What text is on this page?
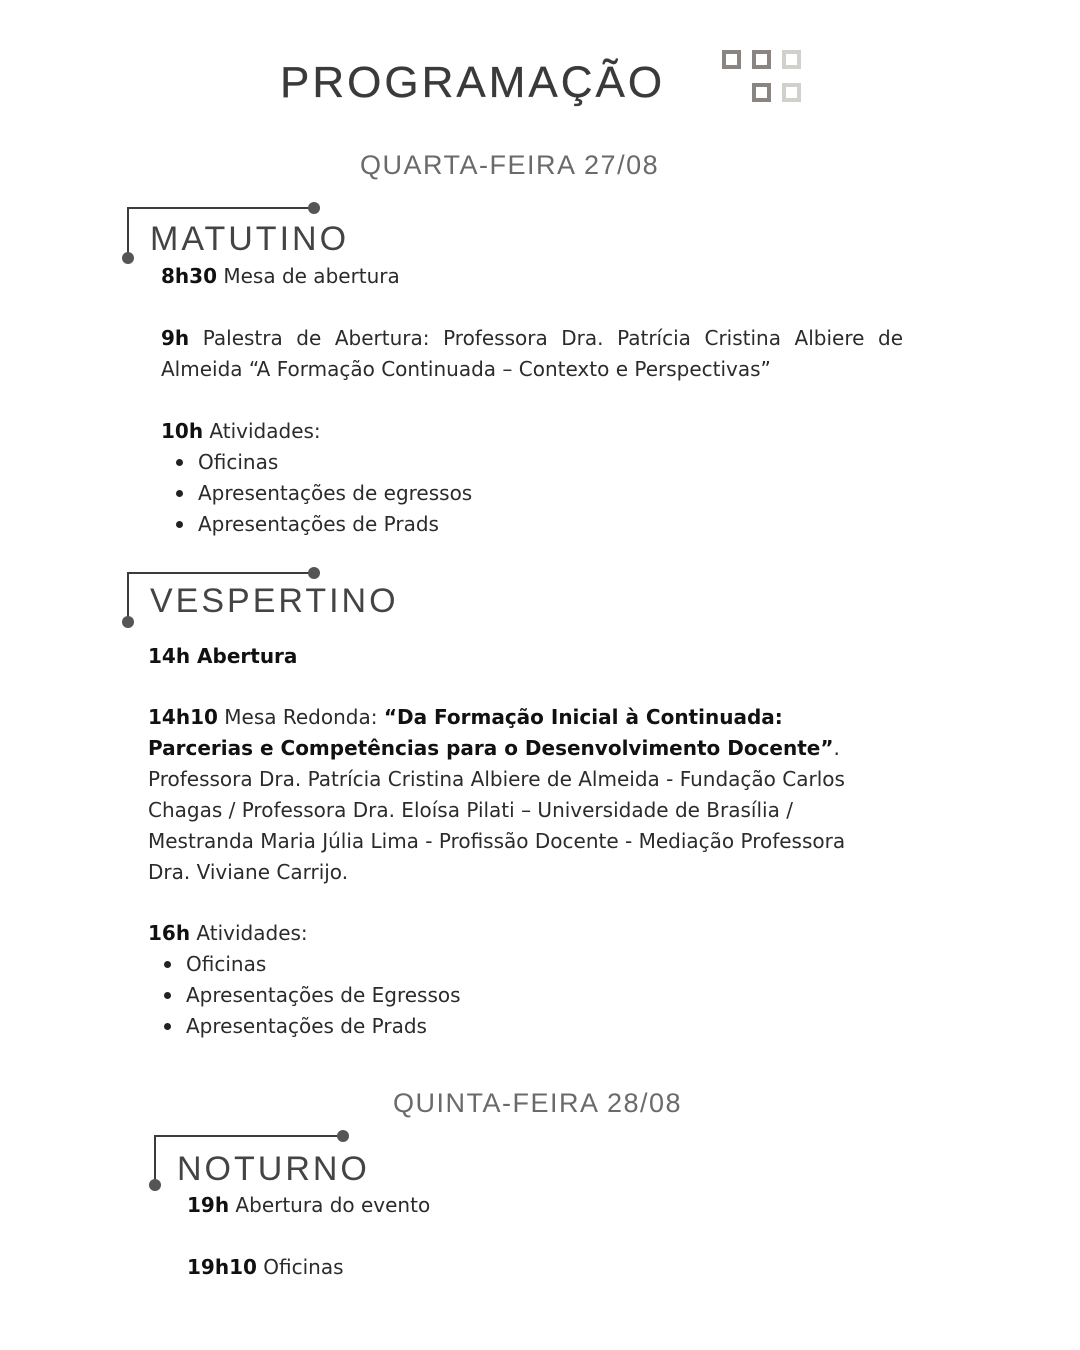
PROGRAMAÇÃO
QUARTA-FEIRA 27/08
MATUTINO
8h30 Mesa de abertura
9h Palestra de Abertura: Professora Dra. Patrícia Cristina Albiere de Almeida “A Formação Continuada – Contexto e Perspectivas”
10h Atividades:
Oficinas
Apresentações de egressos
Apresentações de Prads
VESPERTINO
14h Abertura
14h10 Mesa Redonda: “Da Formação Inicial à Continuada: Parcerias e Competências para o Desenvolvimento Docente”.
Professora Dra. Patrícia Cristina Albiere de Almeida - Fundação Carlos Chagas / Professora Dra. Eloísa Pilati – Universidade de Brasília / Mestranda Maria Júlia Lima - Profissão Docente - Mediação Professora Dra. Viviane Carrijo.
16h Atividades:
Oficinas
Apresentações de Egressos
Apresentações de Prads
QUINTA-FEIRA 28/08
NOTURNO
19h Abertura do evento
19h10 Oficinas
